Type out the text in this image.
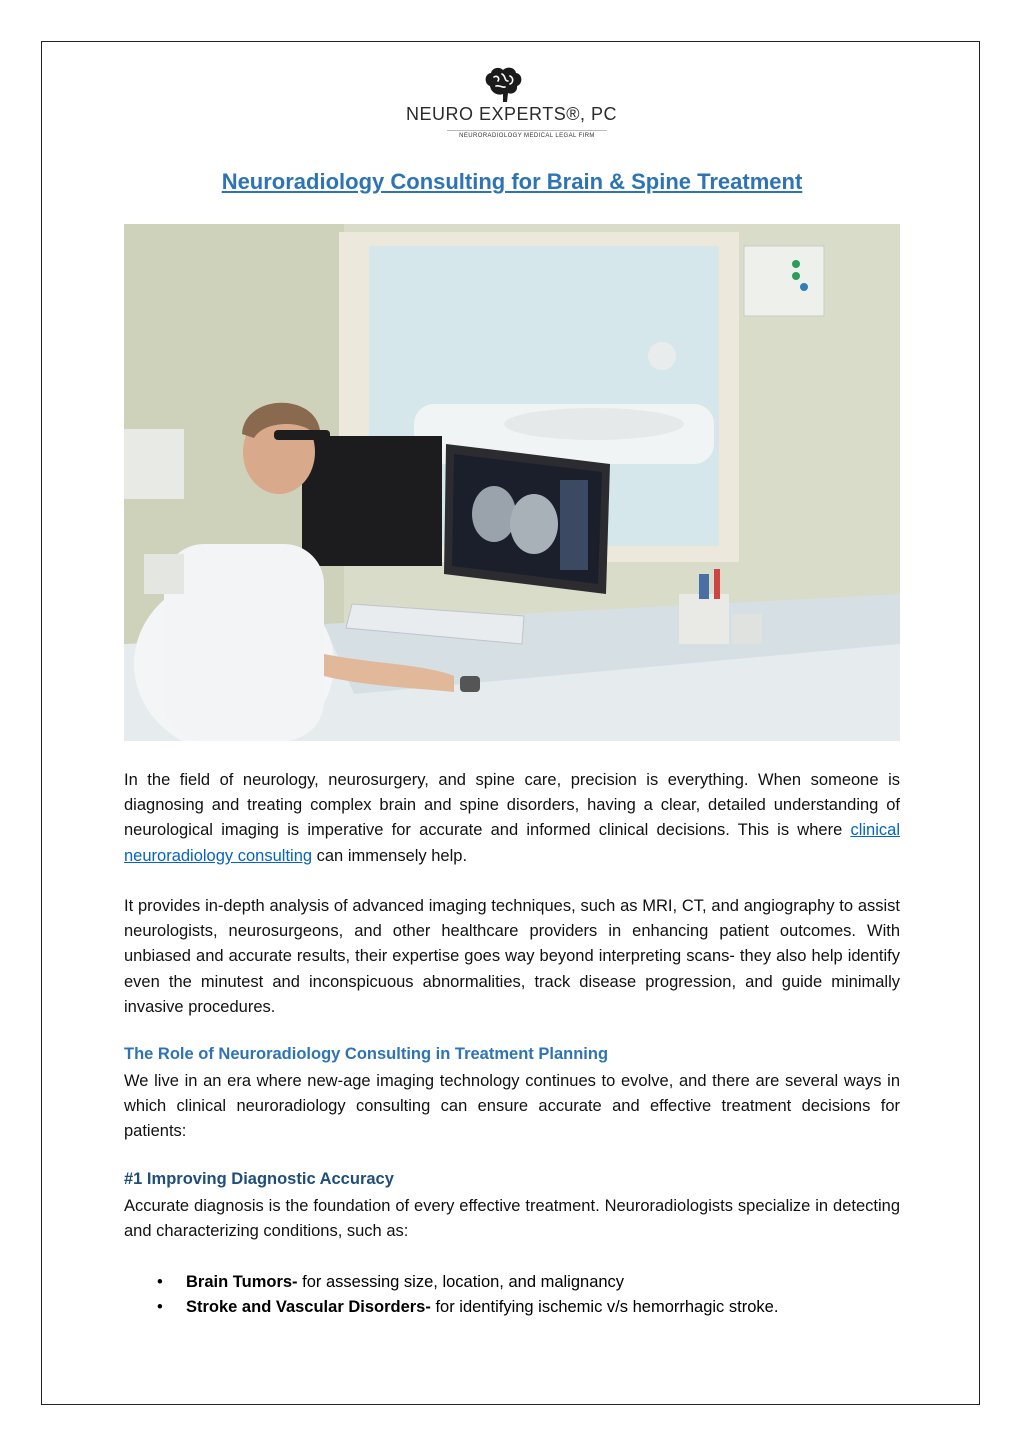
NEURO EXPERTS®, PC
NEURORADIOLOGY MEDICAL LEGAL FIRM
Neuroradiology Consulting for Brain & Spine Treatment
In the field of neurology, neurosurgery, and spine care, precision is everything. When someone is diagnosing and treating complex brain and spine disorders, having a clear, detailed understanding of neurological imaging is imperative for accurate and informed clinical decisions. This is where clinical neuroradiology consulting can immensely help.
It provides in-depth analysis of advanced imaging techniques, such as MRI, CT, and angiography to assist neurologists, neurosurgeons, and other healthcare providers in enhancing patient outcomes. With unbiased and accurate results, their expertise goes way beyond interpreting scans- they also help identify even the minutest and inconspicuous abnormalities, track disease progression, and guide minimally invasive procedures.
The Role of Neuroradiology Consulting in Treatment Planning
We live in an era where new-age imaging technology continues to evolve, and there are several ways in which clinical neuroradiology consulting can ensure accurate and effective treatment decisions for patients:
#1 Improving Diagnostic Accuracy
Accurate diagnosis is the foundation of every effective treatment. Neuroradiologists specialize in detecting and characterizing conditions, such as:
• Brain Tumors- for assessing size, location, and malignancy
• Stroke and Vascular Disorders- for identifying ischemic v/s hemorrhagic stroke.
